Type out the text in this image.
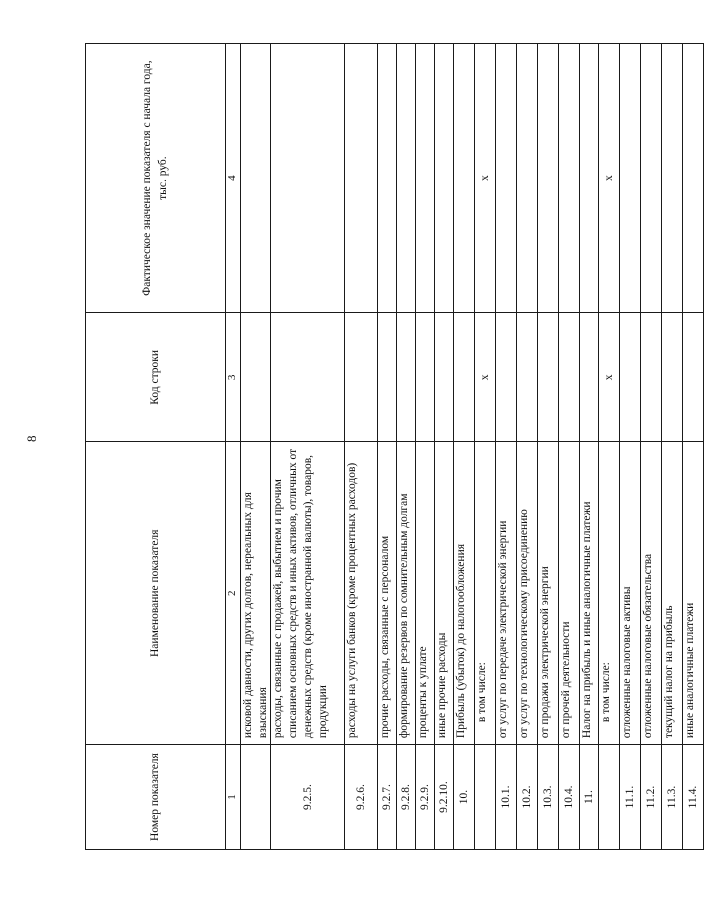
8
Номер показателя	Наименование показателя	Код строки	Фактическое значение показателя с начала года, тыс. руб.
1	2	3	4
	исковой давности, других долгов, нереальных для взыскания		
9.2.5.	расходы, связанные с продажей, выбытием и прочим списанием основных средств и иных активов, отличных от денежных средств (кроме иностранной валюты), товаров, продукции		
9.2.6.	расходы на услуги банков (кроме процентных расходов)		
9.2.7.	прочие расходы, связанные с персоналом		
9.2.8.	формирование резервов по сомнительным долгам		
9.2.9.	проценты к уплате		
9.2.10.	иные прочие расходы		
10.	Прибыль (убыток) до налогообложения		
	в том числе:	x	x
10.1.	от услуг по передаче электрической энергии		
10.2.	от услуг по технологическому присоединению		
10.3.	от продажи электрической энергии		
10.4.	от прочей деятельности		
11.	Налог на прибыль и иные аналогичные платежи		
	в том числе:	x	x
11.1.	отложенные налоговые активы		
11.2.	отложенные налоговые обязательства		
11.3.	текущий налог на прибыль		
11.4.	иные аналогичные платежи		
